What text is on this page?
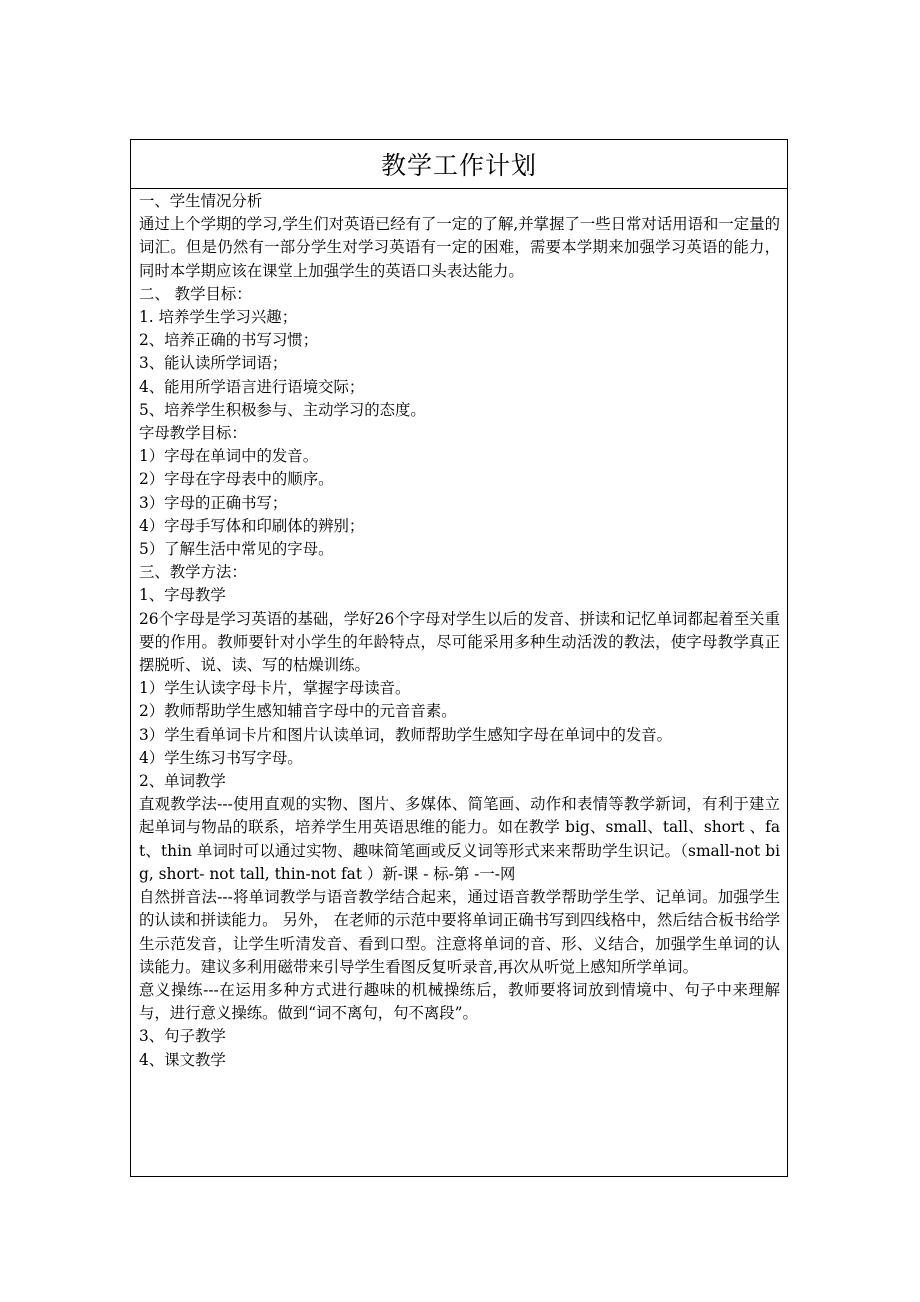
教学工作计划

一、学生情况分析

通过上个学期的学习,学生们对英语已经有了一定的了解,并掌握了一些日常对话用语和一定量的词汇。但是仍然有一部分学生对学习英语有一定的困难，需要本学期来加强学习英语的能力，同时本学期应该在课堂上加强学生的英语口头表达能力。

二、 教学目标：

1. 培养学生学习兴趣；

2、培养正确的书写习惯；

3、能认读所学词语；

4、能用所学语言进行语境交际；

5、培养学生积极参与、主动学习的态度。

字母教学目标：

1）字母在单词中的发音。

2）字母在字母表中的顺序。

3）字母的正确书写；

4）字母手写体和印刷体的辨别；

5）了解生活中常见的字母。

三、教学方法：

1、字母教学

26个字母是学习英语的基础，学好26个字母对学生以后的发音、拼读和记忆单词都起着至关重要的作用。教师要针对小学生的年龄特点，尽可能采用多种生动活泼的教法，使字母教学真正摆脱听、说、读、写的枯燥训练。

1）学生认读字母卡片，掌握字母读音。

2）教师帮助学生感知辅音字母中的元音音素。

3）学生看单词卡片和图片认读单词，教师帮助学生感知字母在单词中的发音。

4）学生练习书写字母。

2、单词教学

直观教学法---使用直观的实物、图片、多媒体、简笔画、动作和表情等教学新词，有利于建立起单词与物品的联系，培养学生用英语思维的能力。如在教学 big、small、tall、short 、fat、thin 单词时可以通过实物、趣味简笔画或反义词等形式来来帮助学生识记。（small-not big, short- not tall, thin-not fat ）新-课 - 标-第 -一-网

自然拼音法---将单词教学与语音教学结合起来，通过语音教学帮助学生学、记单词。加强学生的认读和拼读能力。 另外， 在老师的示范中要将单词正确书写到四线格中，然后结合板书给学生示范发音，让学生听清发音、看到口型。注意将单词的音、形、义结合，加强学生单词的认读能力。建议多利用磁带来引导学生看图反复听录音,再次从听觉上感知所学单词。

意义操练---在运用多种方式进行趣味的机械操练后，教师要将词放到情境中、句子中来理解与，进行意义操练。做到“词不离句，句不离段”。

3、句子教学

4、课文教学
